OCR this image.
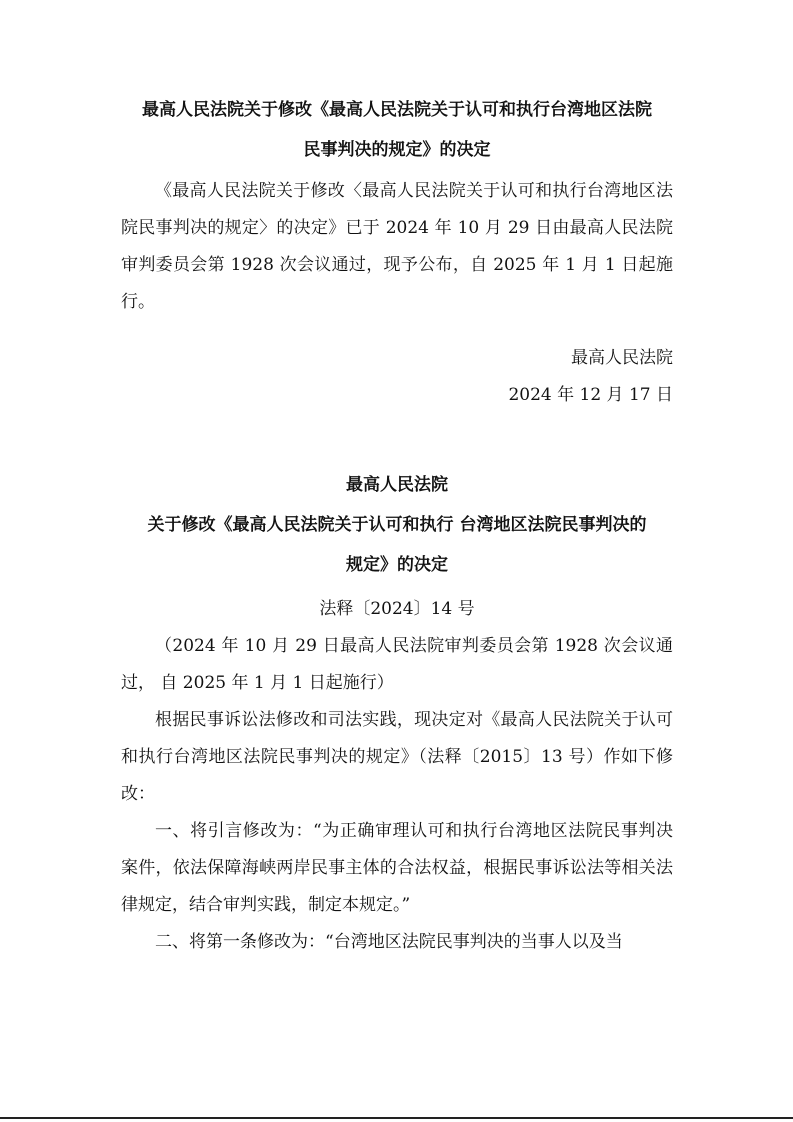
最高人民法院关于修改《最高人民法院关于认可和执行台湾地区法院

民事判决的规定》的决定

《最高人民法院关于修改〈最高人民法院关于认可和执行台湾地区法院民事判决的规定〉的决定》已于 2024 年 10 月 29 日由最高人民法院审判委员会第 1928 次会议通过，现予公布，自 2025 年 1 月 1 日起施行。

最高人民法院

2024 年 12 月 17 日

最高人民法院

关于修改《最高人民法院关于认可和执行 台湾地区法院民事判决的

规定》的决定

法释〔2024〕14 号

（2024 年 10 月 29 日最高人民法院审判委员会第 1928 次会议通过， 自 2025 年 1 月 1 日起施行）

根据民事诉讼法修改和司法实践，现决定对《最高人民法院关于认可和执行台湾地区法院民事判决的规定》（法释〔2015〕13 号）作如下修改：

一、将引言修改为：“为正确审理认可和执行台湾地区法院民事判决案件，依法保障海峡两岸民事主体的合法权益，根据民事诉讼法等相关法律规定，结合审判实践，制定本规定。”

二、将第一条修改为：“台湾地区法院民事判决的当事人以及当
